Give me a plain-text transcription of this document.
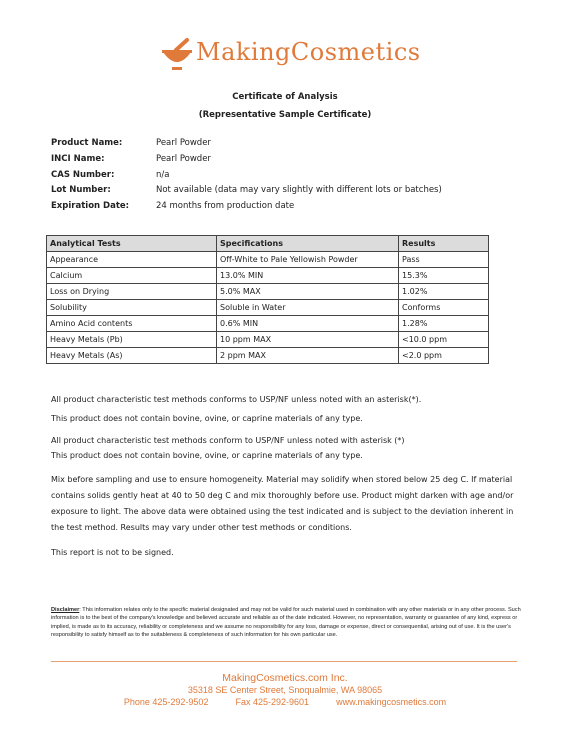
MakingCosmetics
Certificate of Analysis
(Representative Sample Certificate)
Product Name:	Pearl Powder
INCI Name:	Pearl Powder
CAS Number:	n/a
Lot Number:	Not available (data may vary slightly with different lots or batches)
Expiration Date:	24 months from production date
Analytical Tests	Specifications	Results
Appearance	Off-White to Pale Yellowish Powder	Pass
Calcium	13.0% MIN	15.3%
Loss on Drying	5.0% MAX	1.02%
Solubility	Soluble in Water	Conforms
Amino Acid contents	0.6% MIN	1.28%
Heavy Metals (Pb)	10 ppm MAX	<10.0 ppm
Heavy Metals (As)	2 ppm MAX	<2.0 ppm
All product characteristic test methods conforms to USP/NF unless noted with an asterisk(*).
This product does not contain bovine, ovine, or caprine materials of any type.
All product characteristic test methods conform to USP/NF unless noted with asterisk (*)
This product does not contain bovine, ovine, or caprine materials of any type.
Mix before sampling and use to ensure homogeneity. Material may solidify when stored below 25 deg C. If material contains solids gently heat at 40 to 50 deg C and mix thoroughly before use. Product might darken with age and/or exposure to light. The above data were obtained using the test indicated and is subject to the deviation inherent in the test method. Results may vary under other test methods or conditions.
This report is not to be signed.
Disclaimer: This information relates only to the specific material designated and may not be valid for such material used in combination with any other materials or in any other process. Such information is to the best of the company's knowledge and believed accurate and reliable as of the date indicated. However, no representation, warranty or guarantee of any kind, express or implied, is made as to its accuracy, reliability or completeness and we assume no responsibility for any loss, damage or expense, direct or consequential, arising out of use. It is the user's responsibility to satisfy himself as to the suitableness & completeness of such information for his own particular use.
MakingCosmetics.com Inc.
35318 SE Center Street, Snoqualmie, WA 98065
Phone 425-292-9502	Fax 425-292-9601	www.makingcosmetics.com
